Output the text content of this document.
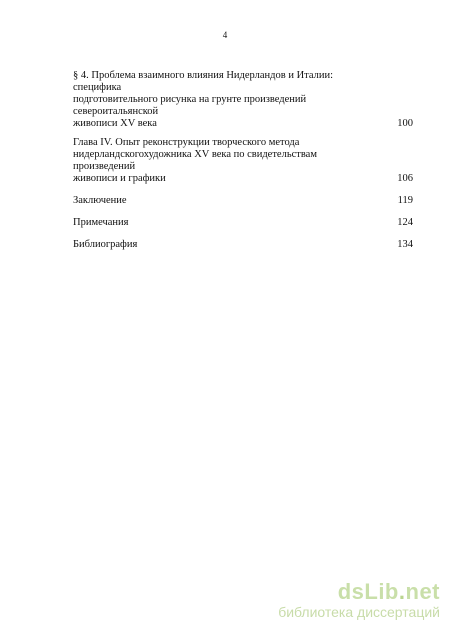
4
§ 4. Проблема взаимного влияния Нидерландов и Италии: специфика
подготовительного рисунка на грунте произведений североитальянской
живописи XV века	100
Глава IV. Опыт реконструкции творческого метода
нидерландскогохудожника XV века по свидетельствам произведений
живописи и графики	106
Заключение	119
Примечания	124
Библиография	134
dsLib.net
библиотека диссертаций
